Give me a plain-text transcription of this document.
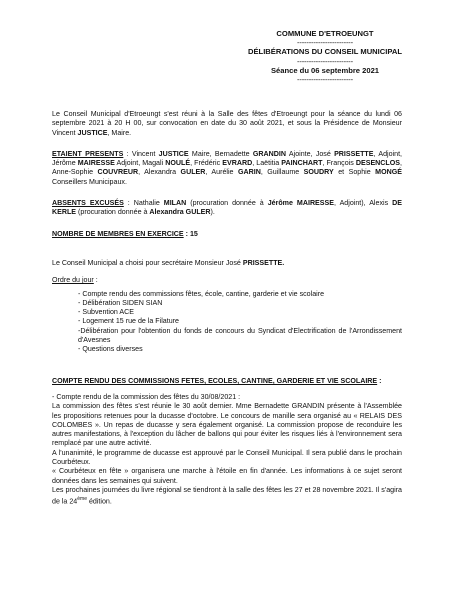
COMMUNE D'ETROEUNGT
------------------------
DÉLIBÉRATIONS DU CONSEIL MUNICIPAL
------------------------
Séance du 06 septembre 2021
------------------------

Le Conseil Municipal d'Etroeungt s'est réuni à la Salle des fêtes d'Etroeungt pour la séance du lundi 06 septembre 2021 à 20 H 00, sur convocation en date du 30 août 2021, et sous la Présidence de Monsieur Vincent JUSTICE, Maire.

ETAIENT PRESENTS : Vincent JUSTICE Maire, Bernadette GRANDIN Ajointe, José PRISSETTE, Adjoint, Jérôme MAIRESSE Adjoint, Magali NOULÉ, Frédéric EVRARD, Laëtitia PAINCHART, François DESENCLOS, Anne-Sophie COUVREUR, Alexandra GULER, Aurélie GARIN, Guillaume SOUDRY et Sophie MONGÉ Conseillers Municipaux.

ABSENTS EXCUSÉS : Nathalie MILAN (procuration donnée à Jérôme MAIRESSE, Adjoint), Alexis DE KERLE (procuration donnée à Alexandra GULER).

NOMBRE DE MEMBRES EN EXERCICE : 15

Le Conseil Municipal a choisi pour secrétaire Monsieur José PRISSETTE.

Ordre du jour :

- Compte rendu des commissions fêtes, école, cantine, garderie et vie scolaire
- Délibération SIDEN SIAN
- Subvention ACE
- Logement 15 rue de la Filature
-Délibération pour l'obtention du fonds de concours du Syndicat d'Electrification de l'Arrondissement d'Avesnes
- Questions diverses

COMPTE RENDU DES COMMISSIONS FETES, ECOLES, CANTINE, GARDERIE ET VIE SCOLAIRE :

- Compte rendu de la commission des fêtes du 30/08/2021 :

La commission des fêtes s'est réunie le 30 août dernier. Mme Bernadette GRANDIN présente à l'Assemblée les propositions retenues pour la ducasse d'octobre. Le concours de manille sera organisé au « RELAIS DES COLOMBES ». Un repas de ducasse y sera également organisé. La commission propose de reconduire les autres manifestations, à l'exception du lâcher de ballons qui pour éviter les risques liés à l'environnement sera remplacé par une autre activité.

A l'unanimité, le programme de ducasse est approuvé par le Conseil Municipal. Il sera publié dans le prochain Courbéteux.

« Courbéteux en fête » organisera une marche à l'étoile en fin d'année. Les informations à ce sujet seront données dans les semaines qui suivent.

Les prochaines journées du livre régional se tiendront à la salle des fêtes les 27 et 28 novembre 2021. Il s'agira de la 24ème édition.
